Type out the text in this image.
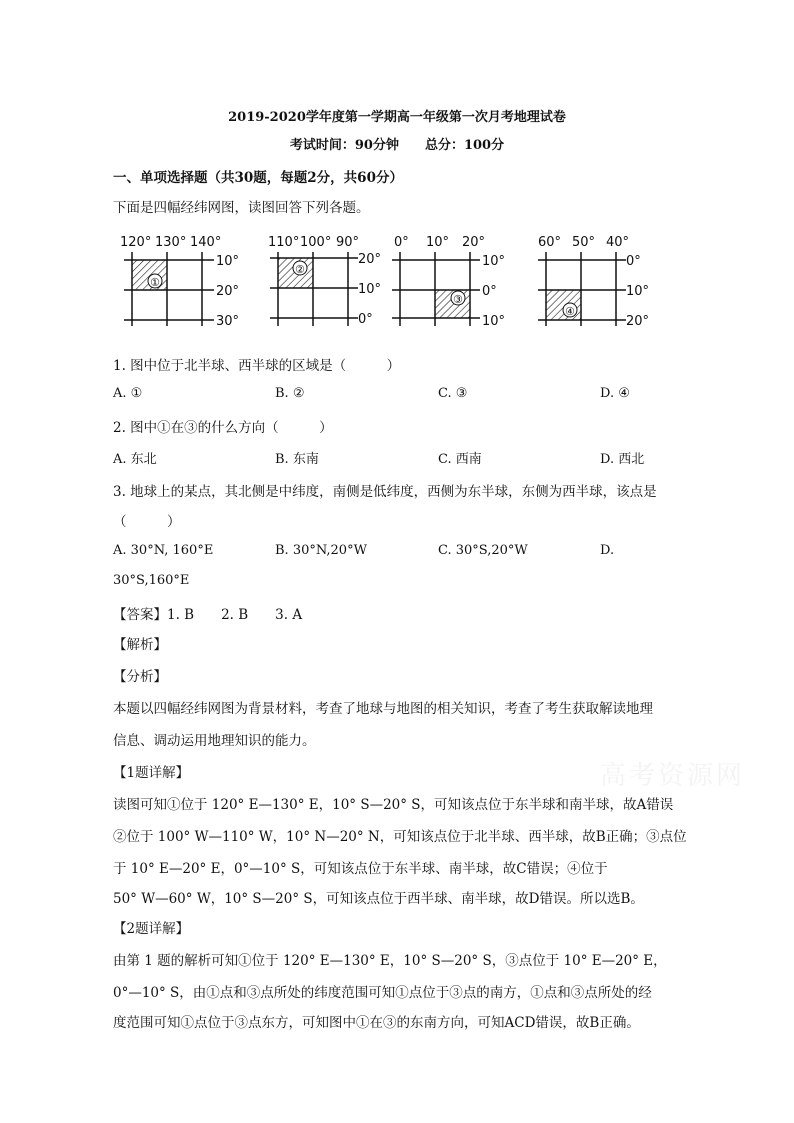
2019-2020学年度第一学期高一年级第一次月考地理试卷
考试时间：90分钟　　总分：100分
一、单项选择题（共30题，每题2分，共60分）
下面是四幅经纬网图，读图回答下列各题。
120° 130° 140°
①
10°
20°
30°
110° 100° 90°
②
20°
10°
0°
0° 10° 20°
③
10°
0°
10°
60° 50° 40°
④
0°
10°
20°
1. 图中位于北半球、西半球的区域是（　　　）
A. ①	B. ②	C. ③	D. ④
2. 图中①在③的什么方向（　　　）
A. 东北	B. 东南	C. 西南	D. 西北
3. 地球上的某点，其北侧是中纬度，南侧是低纬度，西侧为东半球，东侧为西半球，该点是
（　　　）
A. 30°N, 160°E	B. 30°N,20°W	C. 30°S,20°W	D.
30°S,160°E
【答案】1. B　　2. B　　3. A
【解析】
【分析】
本题以四幅经纬网图为背景材料，考查了地球与地图的相关知识，考查了考生获取解读地理
信息、调动运用地理知识的能力。
【1题详解】
读图可知①位于 120° E—130° E，10° S—20° S，可知该点位于东半球和南半球，故A错误
②位于 100° W—110° W，10° N—20° N，可知该点位于北半球、西半球，故B正确；③点位
于 10° E—20° E，0°—10° S，可知该点位于东半球、南半球，故C错误；④位于
50° W—60° W，10° S—20° S，可知该点位于西半球、南半球，故D错误。所以选B。
【2题详解】
由第 1 题的解析可知①位于 120° E—130° E，10° S—20° S，③点位于 10° E—20° E，
0°—10° S，由①点和③点所处的纬度范围可知①点位于③点的南方，①点和③点所处的经
度范围可知①点位于③点东方，可知图中①在③的东南方向，可知ACD错误，故B正确。
高考资源网
